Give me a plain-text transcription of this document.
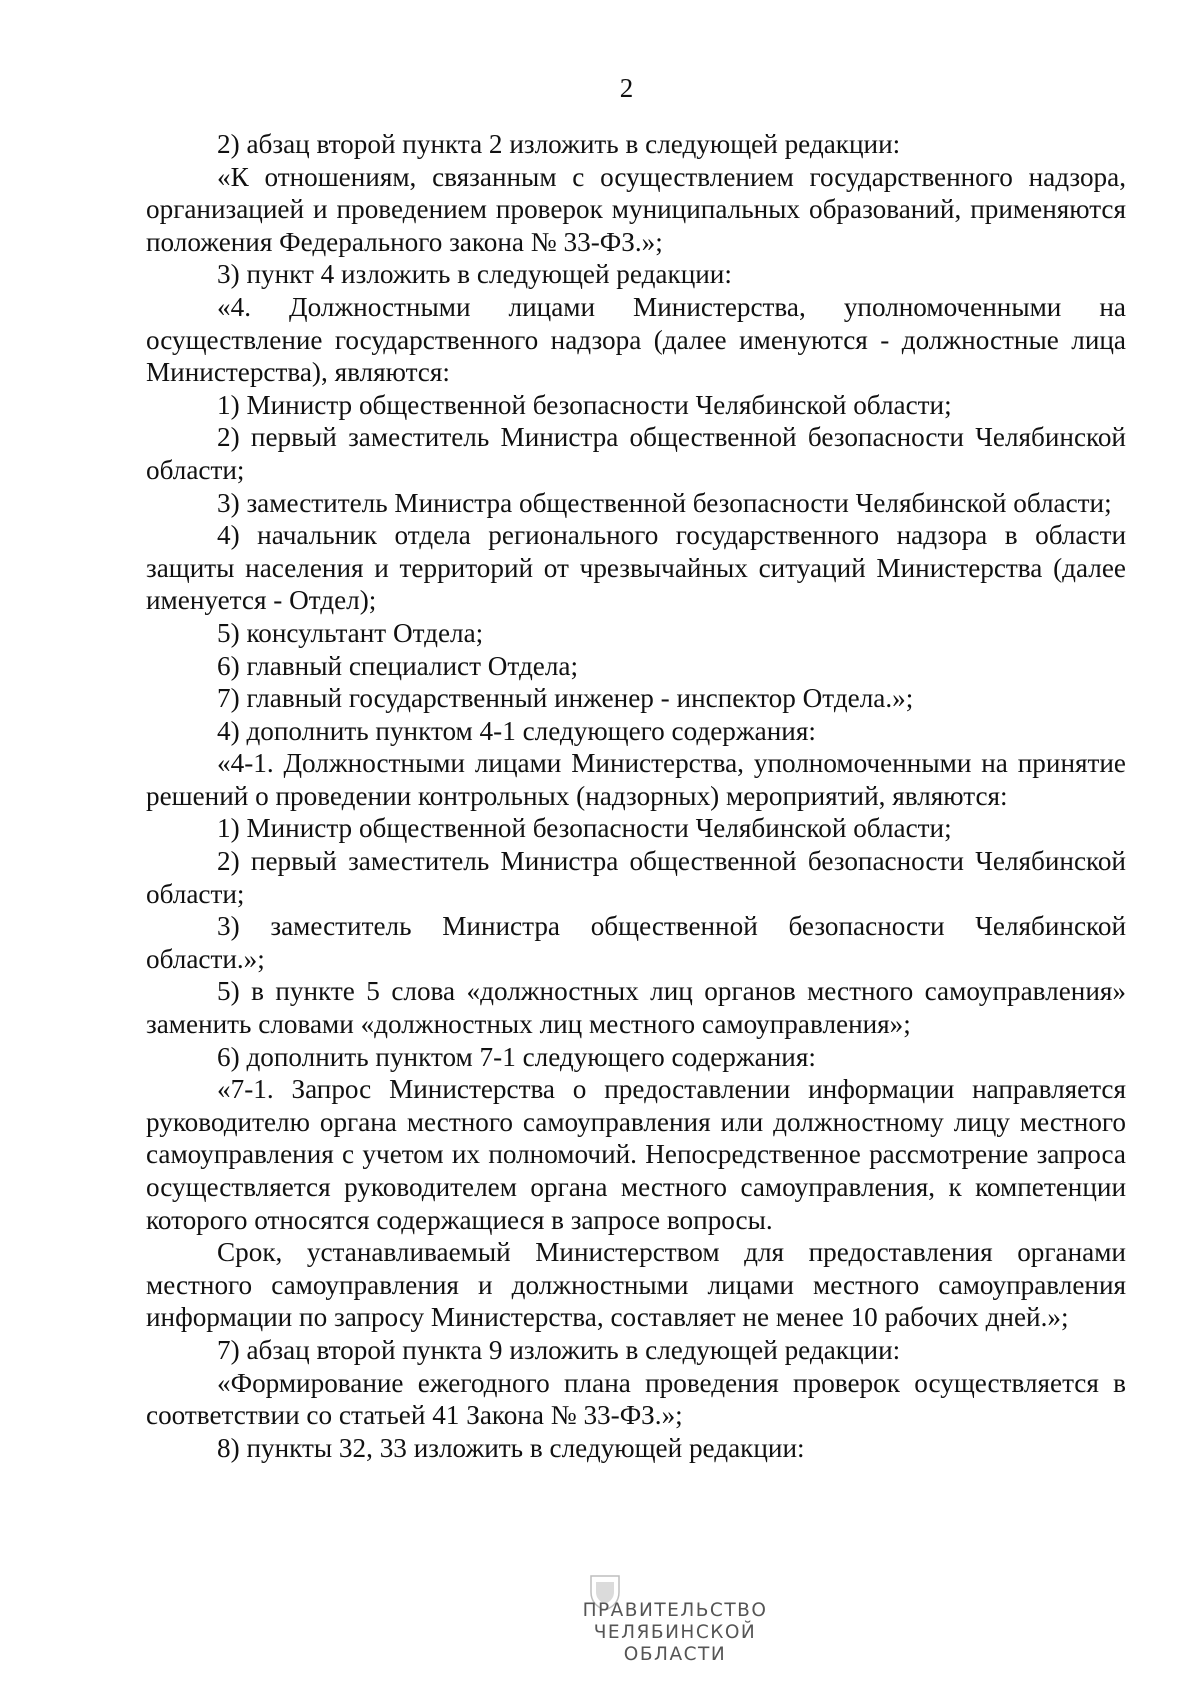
2

2) абзац второй пункта 2 изложить в следующей редакции:

«К отношениям, связанным с осуществлением государственного надзора, организацией и проведением проверок муниципальных образований, применяются положения Федерального закона № 33-ФЗ.»;

3) пункт 4 изложить в следующей редакции:

«4. Должностными лицами Министерства, уполномоченными на осуществление государственного надзора (далее именуются - должностные лица Министерства), являются:

1) Министр общественной безопасности Челябинской области;

2) первый заместитель Министра общественной безопасности Челябинской области;

3) заместитель Министра общественной безопасности Челябинской области;

4) начальник отдела регионального государственного надзора в области защиты населения и территорий от чрезвычайных ситуаций Министерства (далее именуется - Отдел);

5) консультант Отдела;

6) главный специалист Отдела;

7) главный государственный инженер - инспектор Отдела.»;

4) дополнить пунктом 4-1 следующего содержания:

«4-1. Должностными лицами Министерства, уполномоченными на принятие решений о проведении контрольных (надзорных) мероприятий, являются:

1) Министр общественной безопасности Челябинской области;

2) первый заместитель Министра общественной безопасности Челябинской области;

3) заместитель Министра общественной безопасности Челябинской области.»;

5) в пункте 5 слова «должностных лиц органов местного самоуправления» заменить словами «должностных лиц местного самоуправления»;

6) дополнить пунктом 7-1 следующего содержания:

«7-1. Запрос Министерства о предоставлении информации направляется руководителю органа местного самоуправления или должностному лицу местного самоуправления с учетом их полномочий. Непосредственное рассмотрение запроса осуществляется руководителем органа местного самоуправления, к компетенции которого относятся содержащиеся в запросе вопросы.

Срок, устанавливаемый Министерством для предоставления органами местного самоуправления и должностными лицами местного самоуправления информации по запросу Министерства, составляет не менее 10 рабочих дней.»;

7) абзац второй пункта 9 изложить в следующей редакции:

«Формирование ежегодного плана проведения проверок осуществляется в соответствии со статьей 41 Закона № 33-ФЗ.»;

8) пункты 32, 33 изложить в следующей редакции:

ПРАВИТЕЛЬСТВО
ЧЕЛЯБИНСКОЙ ОБЛАСТИ
